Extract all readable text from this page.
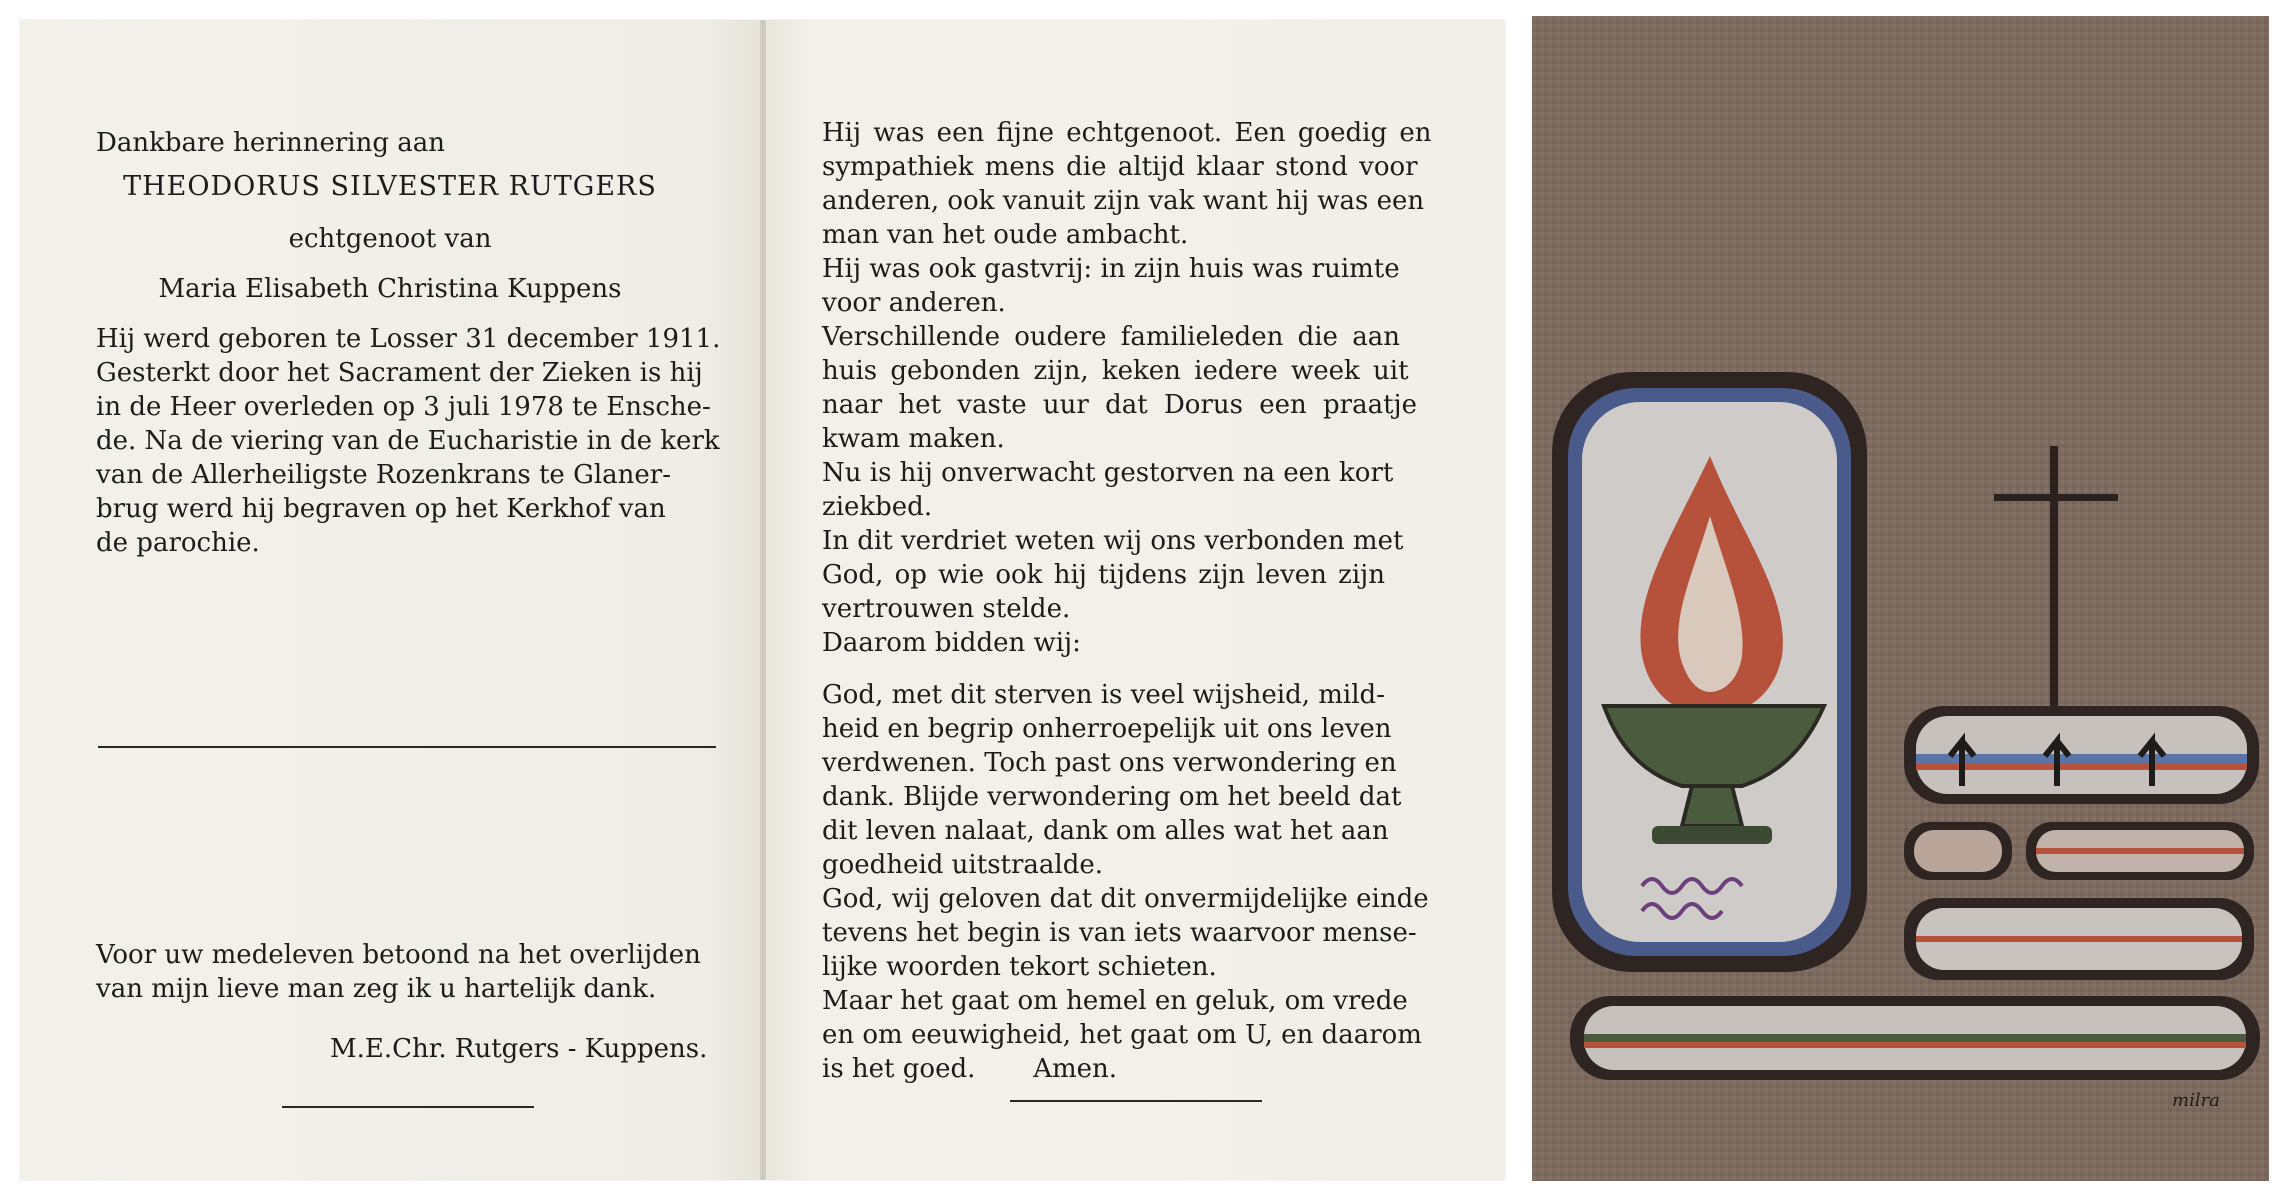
Dankbare herinnering aan
THEODORUS SILVESTER RUTGERS
echtgenoot van
Maria Elisabeth Christina Kuppens
Hij werd geboren te Losser 31 december 1911.
Gesterkt door het Sacrament der Zieken is hij
in de Heer overleden op 3 juli 1978 te Ensche-
de. Na de viering van de Eucharistie in de kerk
van de Allerheiligste Rozenkrans te Glaner-
brug werd hij begraven op het Kerkhof van
de parochie.
Voor uw medeleven betoond na het overlijden
van mijn lieve man zeg ik u hartelijk dank.
M.E.Chr. Rutgers - Kuppens.
Hij was een fijne echtgenoot. Een goedig en
sympathiek mens die altijd klaar stond voor
anderen, ook vanuit zijn vak want hij was een
man van het oude ambacht.
Hij was ook gastvrij: in zijn huis was ruimte
voor anderen.
Verschillende oudere familieleden die aan
huis gebonden zijn, keken iedere week uit
naar het vaste uur dat Dorus een praatje
kwam maken.
Nu is hij onverwacht gestorven na een kort
ziekbed.
In dit verdriet weten wij ons verbonden met
God, op wie ook hij tijdens zijn leven zijn
vertrouwen stelde.
Daarom bidden wij:
God, met dit sterven is veel wijsheid, mild-
heid en begrip onherroepelijk uit ons leven
verdwenen. Toch past ons verwondering en
dank. Blijde verwondering om het beeld dat
dit leven nalaat, dank om alles wat het aan
goedheid uitstraalde.
God, wij geloven dat dit onvermijdelijke einde
tevens het begin is van iets waarvoor mense-
lijke woorden tekort schieten.
Maar het gaat om hemel en geluk, om vrede
en om eeuwigheid, het gaat om U, en daarom
is het goed.       Amen.
milra
